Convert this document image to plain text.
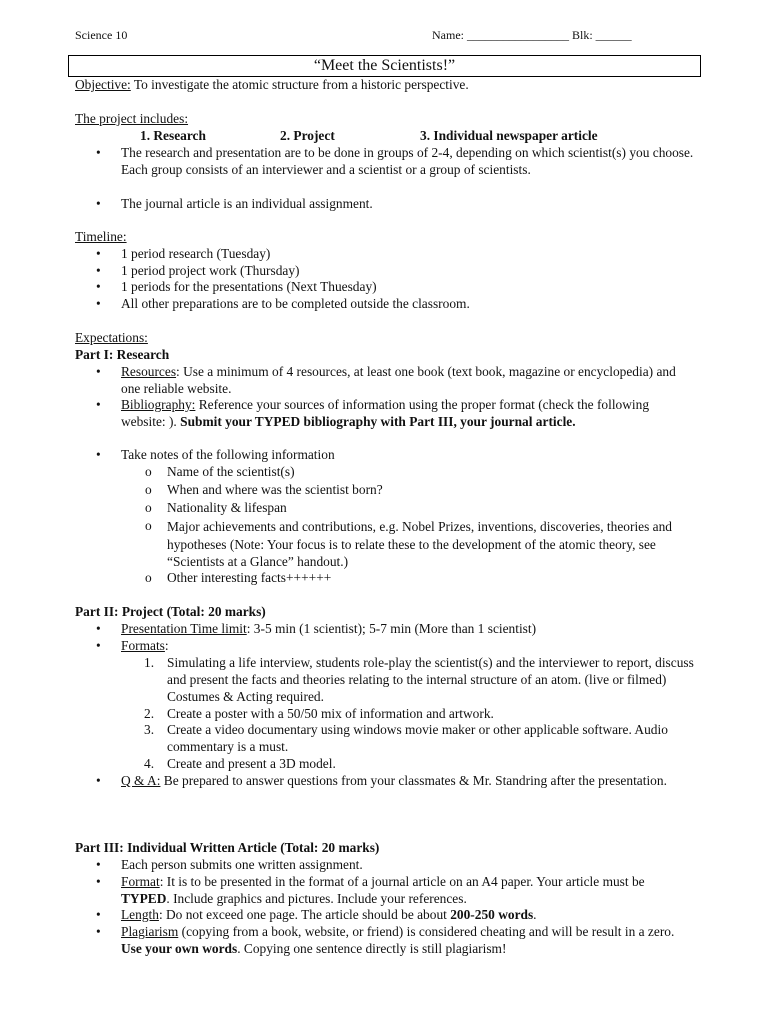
Science 10	Name: _________________ Blk: ______
“Meet the Scientists!”
Objective: To investigate the atomic structure from a historic perspective.
The project includes:
1. Research	2. Project	3. Individual newspaper article
• The research and presentation are to be done in groups of 2-4, depending on which scientist(s) you choose. Each group consists of an interviewer and a scientist or a group of scientists.
• The journal article is an individual assignment.
Timeline:
• 1 period research (Tuesday)
• 1 period project work (Thursday)
• 1 periods for the presentations (Next Thuesday)
• All other preparations are to be completed outside the classroom.
Expectations:
Part I: Research
• Resources: Use a minimum of 4 resources, at least one book (text book, magazine or encyclopedia) and one reliable website.
• Bibliography: Reference your sources of information using the proper format (check the following website: ). Submit your TYPED bibliography with Part III, your journal article.
• Take notes of the following information
o Name of the scientist(s)
o When and where was the scientist born?
o Nationality & lifespan
o Major achievements and contributions, e.g. Nobel Prizes, inventions, discoveries, theories and hypotheses (Note: Your focus is to relate these to the development of the atomic theory, see “Scientists at a Glance” handout.)
o Other interesting facts++++++
Part II: Project (Total: 20 marks)
• Presentation Time limit: 3-5 min (1 scientist); 5-7 min (More than 1 scientist)
• Formats:
1. Simulating a life interview, students role-play the scientist(s) and the interviewer to report, discuss and present the facts and theories relating to the internal structure of an atom. (live or filmed) Costumes & Acting required.
2. Create a poster with a 50/50 mix of information and artwork.
3. Create a video documentary using windows movie maker or other applicable software. Audio commentary is a must.
4. Create and present a 3D model.
• Q & A: Be prepared to answer questions from your classmates & Mr. Standring after the presentation.
Part III: Individual Written Article (Total: 20 marks)
• Each person submits one written assignment.
• Format: It is to be presented in the format of a journal article on an A4 paper. Your article must be TYPED. Include graphics and pictures. Include your references.
• Length: Do not exceed one page. The article should be about 200-250 words.
• Plagiarism (copying from a book, website, or friend) is considered cheating and will be result in a zero. Use your own words. Copying one sentence directly is still plagiarism!
